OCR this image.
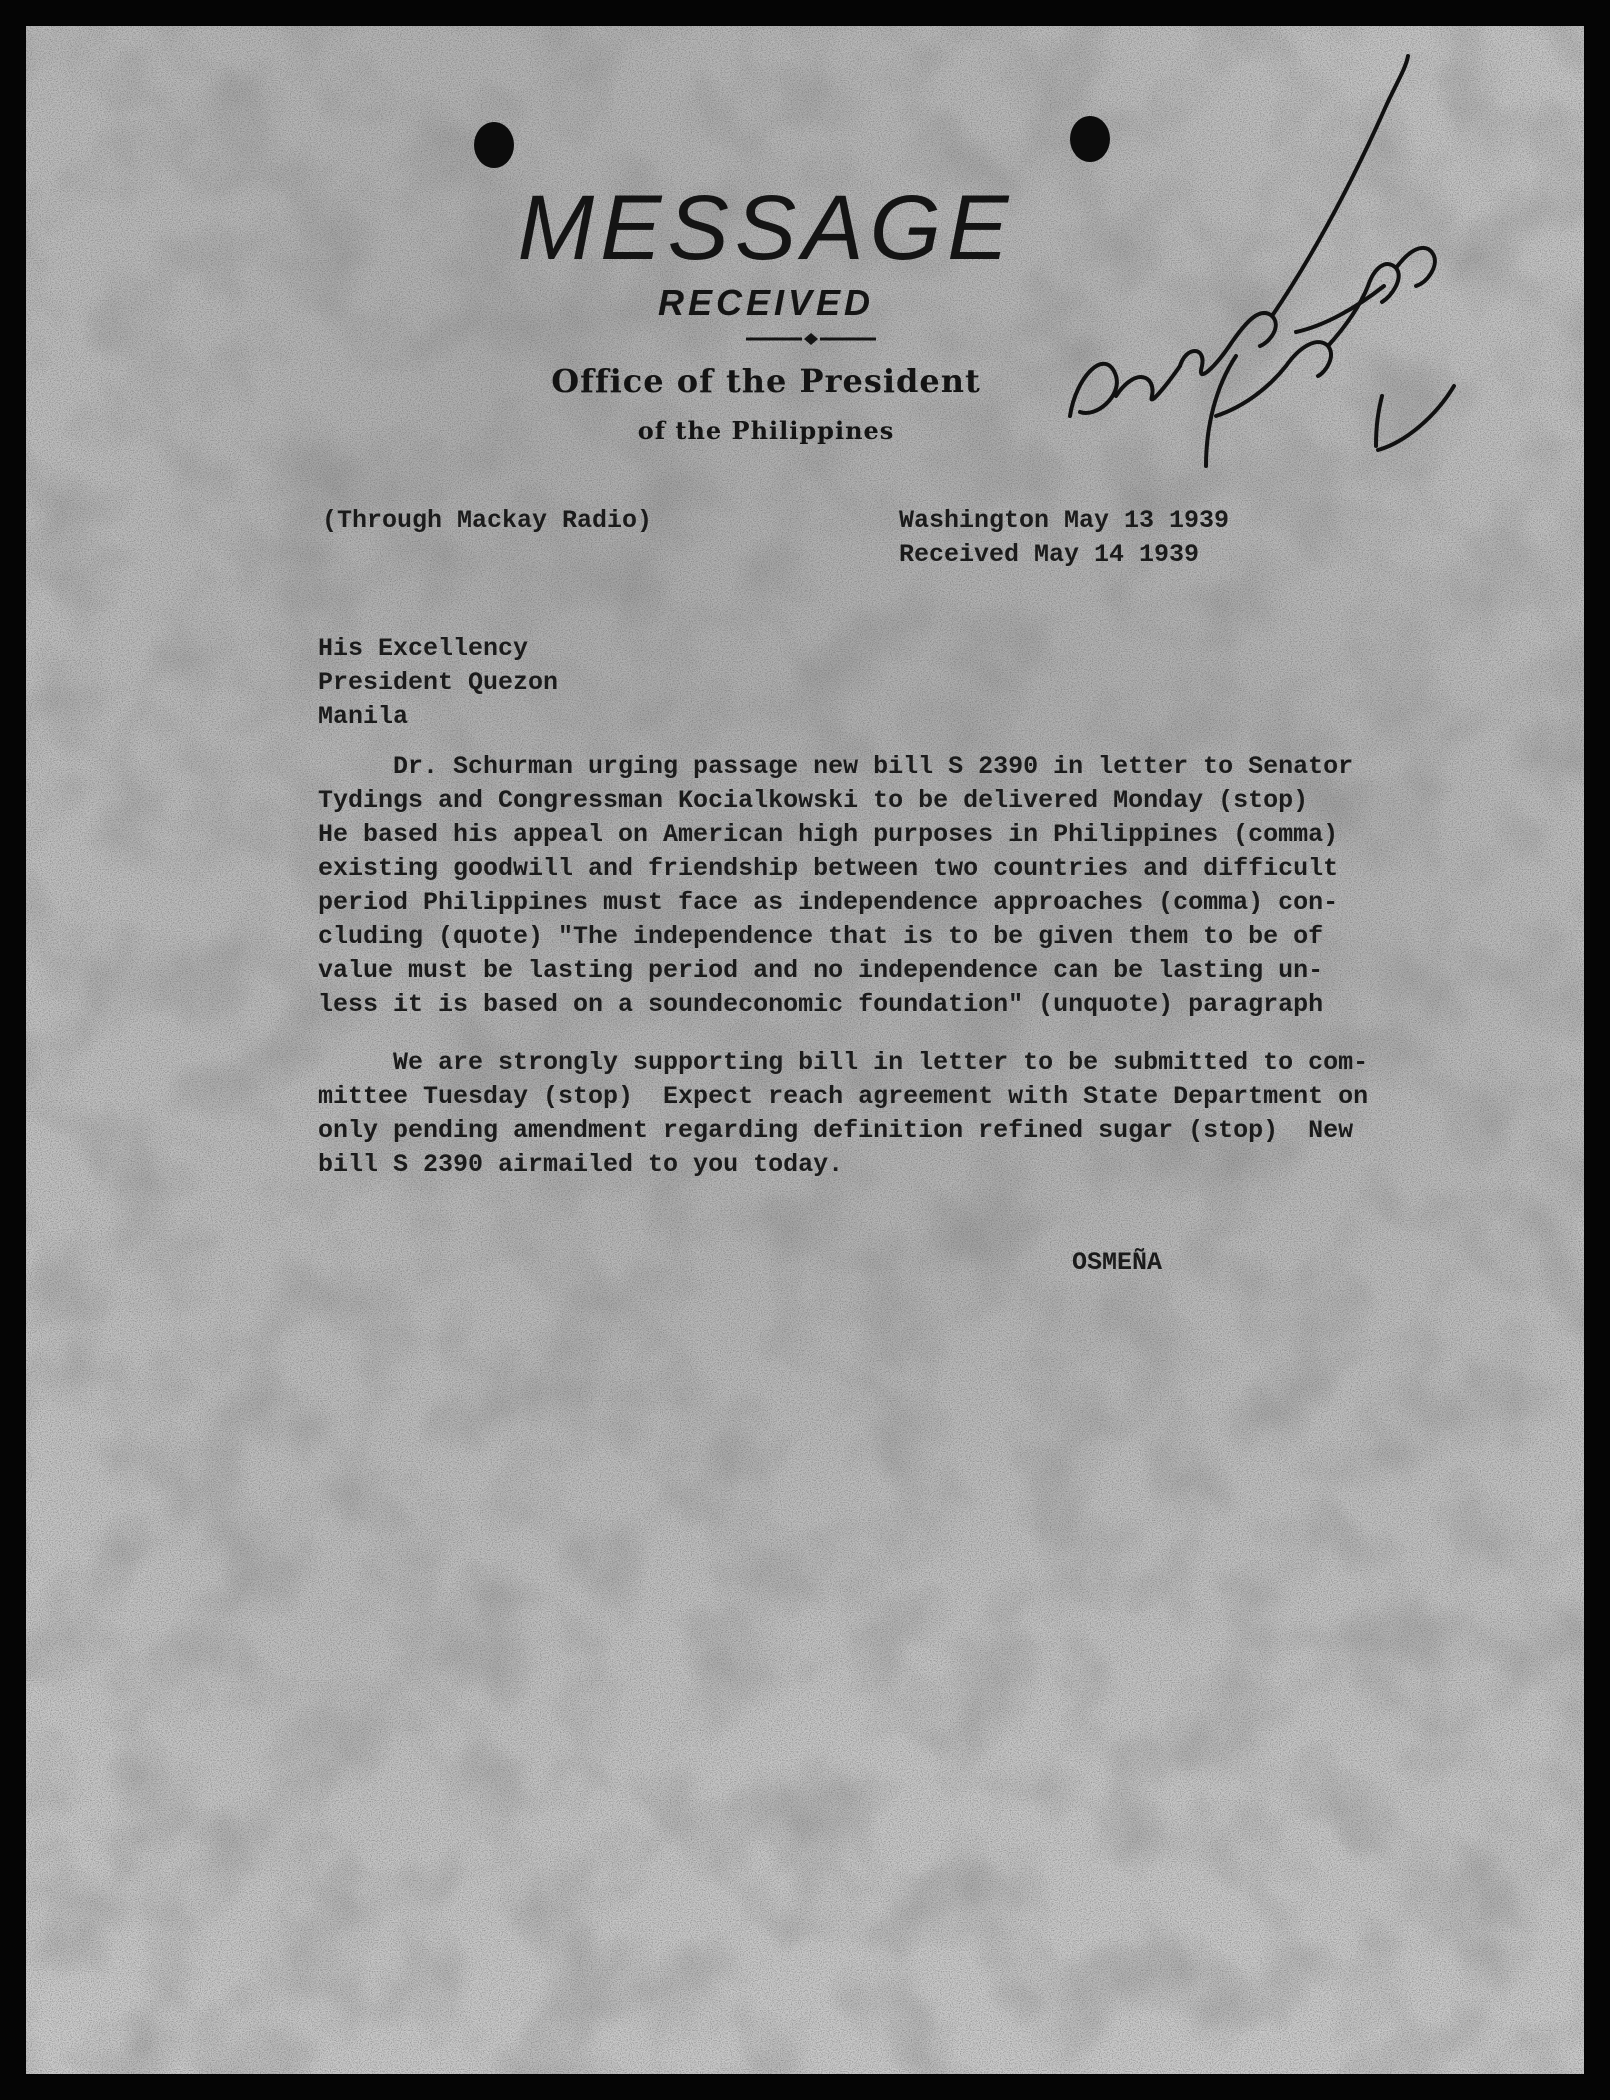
MESSAGE
RECEIVED
Office of the President
of the Philippines
(Through Mackay Radio)	Washington May 13 1939
Received May 14 1939
His Excellency
President Quezon
Manila
Dr. Schurman urging passage new bill S 2390 in letter to Senator
Tydings and Congressman Kocialkowski to be delivered Monday (stop)
He based his appeal on American high purposes in Philippines (comma)
existing goodwill and friendship between two countries and difficult
period Philippines must face as independence approaches (comma) con-
cluding (quote) "The independence that is to be given them to be of
value must be lasting period and no independence can be lasting un-
less it is based on a soundeconomic foundation" (unquote) paragraph
We are strongly supporting bill in letter to be submitted to com-
mittee Tuesday (stop)  Expect reach agreement with State Department on
only pending amendment regarding definition refined sugar (stop)  New
bill S 2390 airmailed to you today.
OSMEÑA
